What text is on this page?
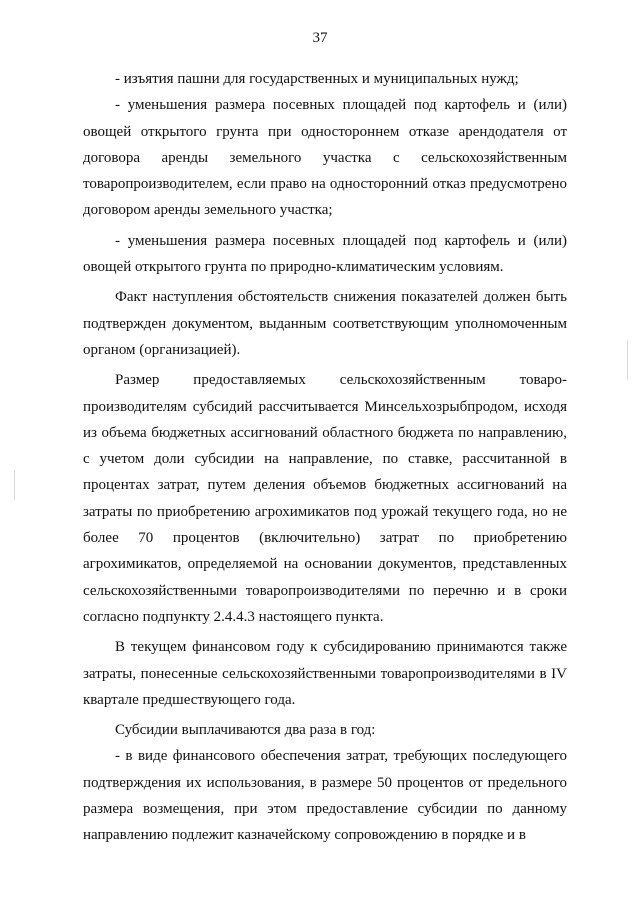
37

- изъятия пашни для государственных и муниципальных нужд;

- уменьшения размера посевных площадей под картофель и (или) овощей открытого грунта при одностороннем отказе арендодателя от договора аренды земельного участка с сельскохозяйственным товаропроизводителем, если право на односторонний отказ предусмотрено договором аренды земельного участка;

- уменьшения размера посевных площадей под картофель и (или) овощей открытого грунта по природно-климатическим условиям.

Факт наступления обстоятельств снижения показателей должен быть подтвержден документом, выданным соответствующим уполномоченным органом (организацией).

Размер предоставляемых сельскохозяйственным товаро-производителям субсидий рассчитывается Минсельхозрыбпродом, исходя из объема бюджетных ассигнований областного бюджета по направлению, с учетом доли субсидии на направление, по ставке, рассчитанной в процентах затрат, путем деления объемов бюджетных ассигнований на затраты по приобретению агрохимикатов под урожай текущего года, но не более 70 процентов (включительно) затрат по приобретению агрохимикатов, определяемой на основании документов, представленных сельскохозяйственными товаропроизводителями по перечню и в сроки согласно подпункту 2.4.4.3 настоящего пункта.

В текущем финансовом году к субсидированию принимаются также затраты, понесенные сельскохозяйственными товаропроизводителями в IV квартале предшествующего года.

Субсидии выплачиваются два раза в год:

- в виде финансового обеспечения затрат, требующих последующего подтверждения их использования, в размере 50 процентов от предельного размера возмещения, при этом предоставление субсидии по данному направлению подлежит казначейскому сопровождению в порядке и в
